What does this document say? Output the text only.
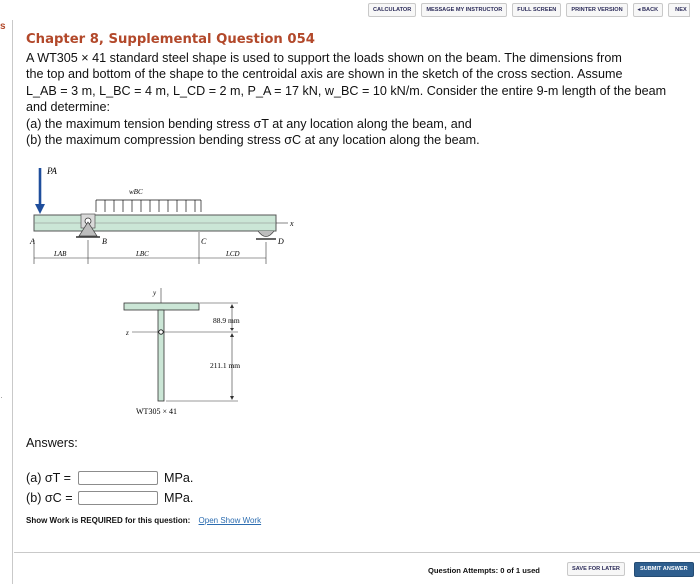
CALCULATOR	MESSAGE MY INSTRUCTOR	FULL SCREEN	PRINTER VERSION	◂ BACK	NEX
s
·
Chapter 8, Supplemental Question 054

A WT305 × 41 standard steel shape is used to support the loads shown on the beam. The dimensions from

the top and bottom of the shape to the centroidal axis are shown in the sketch of the cross section. Assume

L_AB = 3 m, L_BC = 4 m, L_CD = 2 m, P_A = 17 kN, w_BC = 10 kN/m. Consider the entire 9-m length of the beam

and determine:

(a) the maximum tension bending stress σT at any location along the beam, and

(b) the maximum compression bending stress σC at any location along the beam.

PA
wBC
x
A	B	C	D
LAB	LBC	LCD
y
z
88.9 mm
211.1 mm
WT305 × 41
Answers:
(a) σT =	MPa.
(b) σC =	MPa.
Show Work is REQUIRED for this question: Open Show Work
Question Attempts: 0 of 1 used	SAVE FOR LATER	SUBMIT ANSWER
